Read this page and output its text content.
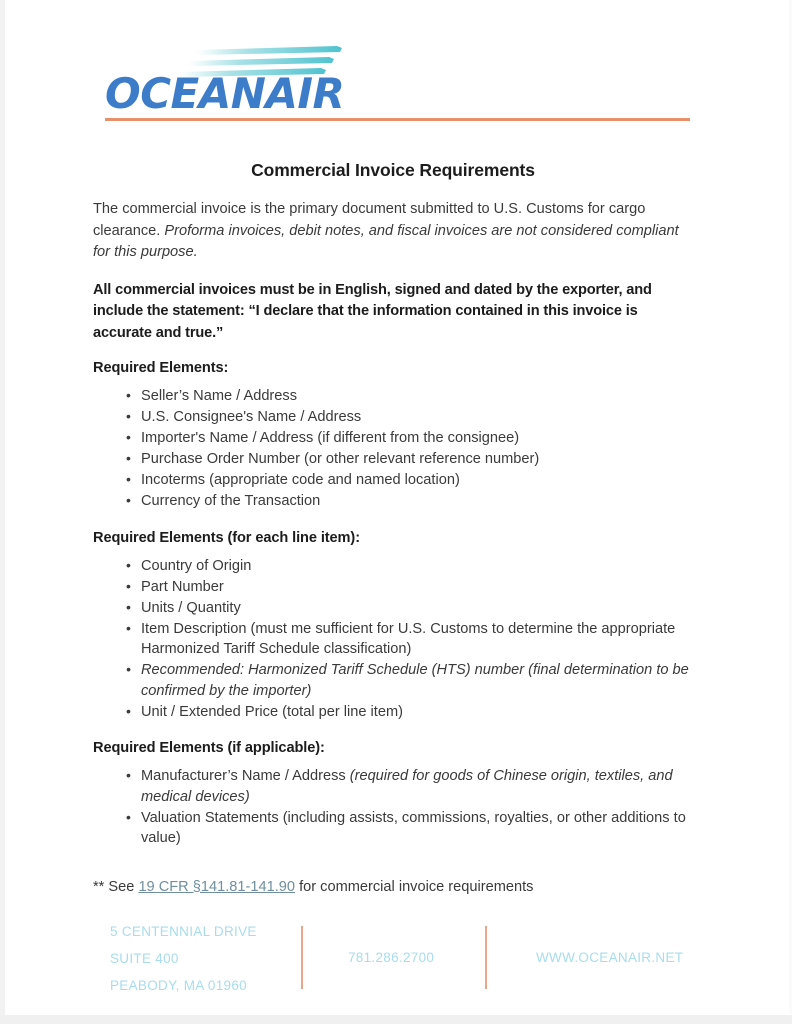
OCEANAIR
Commercial Invoice Requirements

The commercial invoice is the primary document submitted to U.S. Customs for cargo clearance. Proforma invoices, debit notes, and fiscal invoices are not considered compliant for this purpose.

All commercial invoices must be in English, signed and dated by the exporter, and include the statement: “I declare that the information contained in this invoice is accurate and true.”

Required Elements:
• Seller’s Name / Address
• U.S. Consignee's Name / Address
• Importer's Name / Address (if different from the consignee)
• Purchase Order Number (or other relevant reference number)
• Incoterms (appropriate code and named location)
• Currency of the Transaction
Required Elements (for each line item):
• Country of Origin
• Part Number
• Units / Quantity
• Item Description (must me sufficient for U.S. Customs to determine the appropriate Harmonized Tariff Schedule classification)
• Recommended: Harmonized Tariff Schedule (HTS) number (final determination to be confirmed by the importer)
• Unit / Extended Price (total per line item)
Required Elements (if applicable):
• Manufacturer’s Name / Address (required for goods of Chinese origin, textiles, and medical devices)
• Valuation Statements (including assists, commissions, royalties, or other additions to value)

** See 19 CFR §141.81-141.90 for commercial invoice requirements

5 CENTENNIAL DRIVE
SUITE 400
PEABODY, MA 01960
781.286.2700	WWW.OCEANAIR.NET
